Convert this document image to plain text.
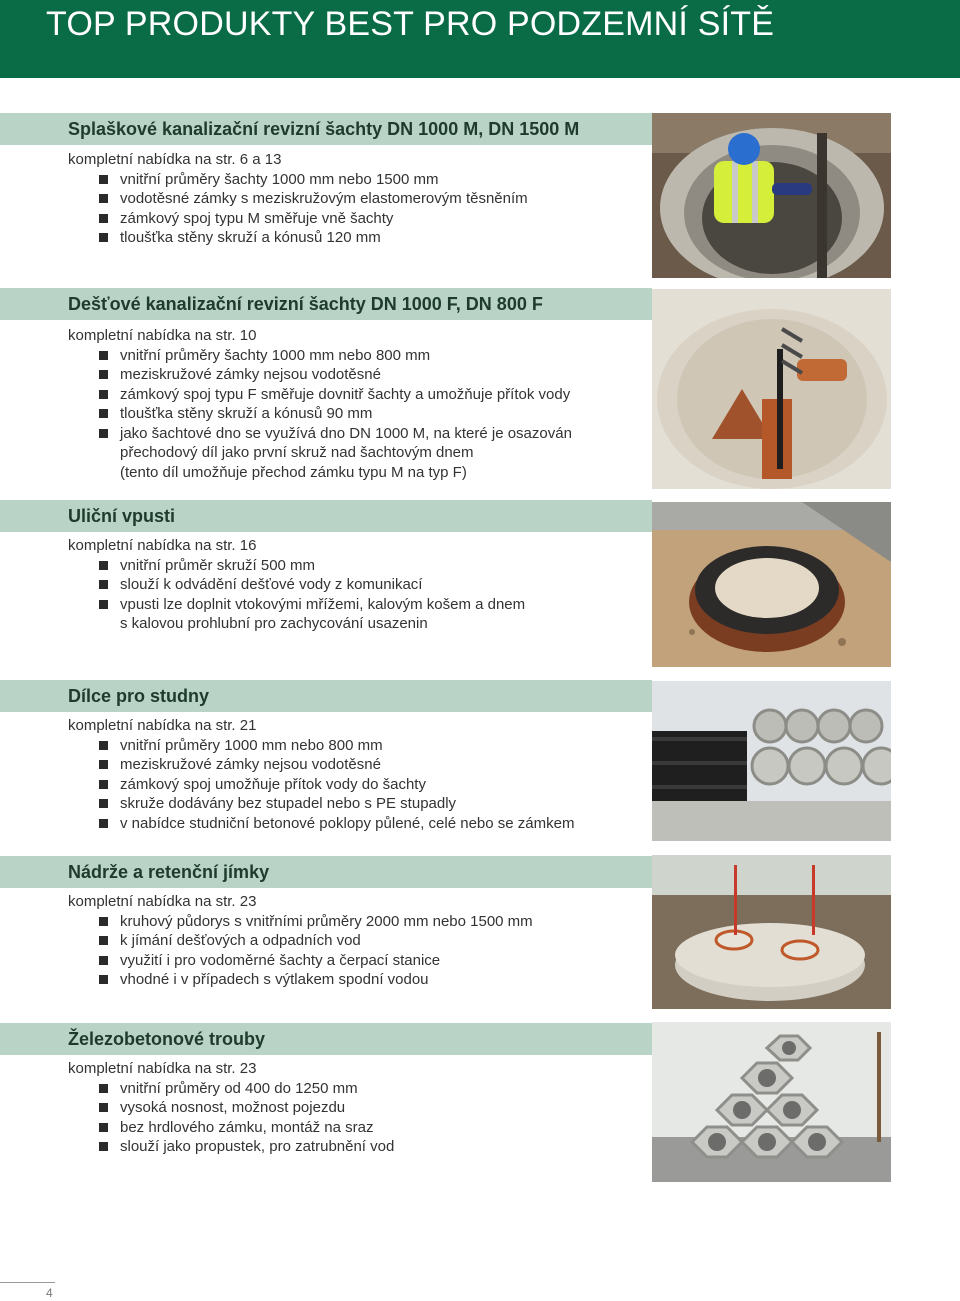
TOP PRODUKTY BEST PRO PODZEMNÍ SÍTĚ
Splaškové kanalizační revizní šachty DN 1000 M, DN 1500 M
kompletní nabídka na str. 6 a 13
vnitřní průměry šachty 1000 mm nebo 1500 mm
vodotěsné zámky s meziskružovým elastomerovým těsněním
zámkový spoj typu M směřuje vně šachty
tloušťka stěny skruží a kónusů 120 mm
Dešťové kanalizační revizní šachty DN 1000 F, DN 800 F
kompletní nabídka na str. 10
vnitřní průměry šachty 1000 mm nebo 800 mm
meziskružové zámky nejsou vodotěsné
zámkový spoj typu F směřuje dovnitř šachty a umožňuje přítok vody
tloušťka stěny skruží a kónusů 90 mm
jako šachtové dno se využívá dno DN 1000 M, na které je osazován
přechodový díl jako první skruž nad šachtovým dnem
(tento díl umožňuje přechod zámku typu M na typ F)
Uliční vpusti
kompletní nabídka na str. 16
vnitřní průměr skruží 500 mm
slouží k odvádění dešťové vody z komunikací
vpusti lze doplnit vtokovými mřížemi, kalovým košem a dnem
s kalovou prohlubní pro zachycování usazenin
Dílce pro studny
kompletní nabídka na str. 21
vnitřní průměry 1000 mm nebo 800 mm
meziskružové zámky nejsou vodotěsné
zámkový spoj umožňuje přítok vody do šachty
skruže dodávány bez stupadel nebo s PE stupadly
v nabídce studniční betonové poklopy půlené, celé nebo se zámkem
Nádrže a retenční jímky
kompletní nabídka na str. 23
kruhový půdorys s vnitřními průměry 2000 mm nebo 1500 mm
k jímání dešťových a odpadních vod
využití i pro vodoměrné šachty a čerpací stanice
vhodné i v případech s výtlakem spodní vodou
Železobetonové trouby
kompletní nabídka na str. 23
vnitřní průměry od 400 do 1250 mm
vysoká nosnost, možnost pojezdu
bez hrdlového zámku, montáž na sraz
slouží jako propustek, pro zatrubnění vod
4
